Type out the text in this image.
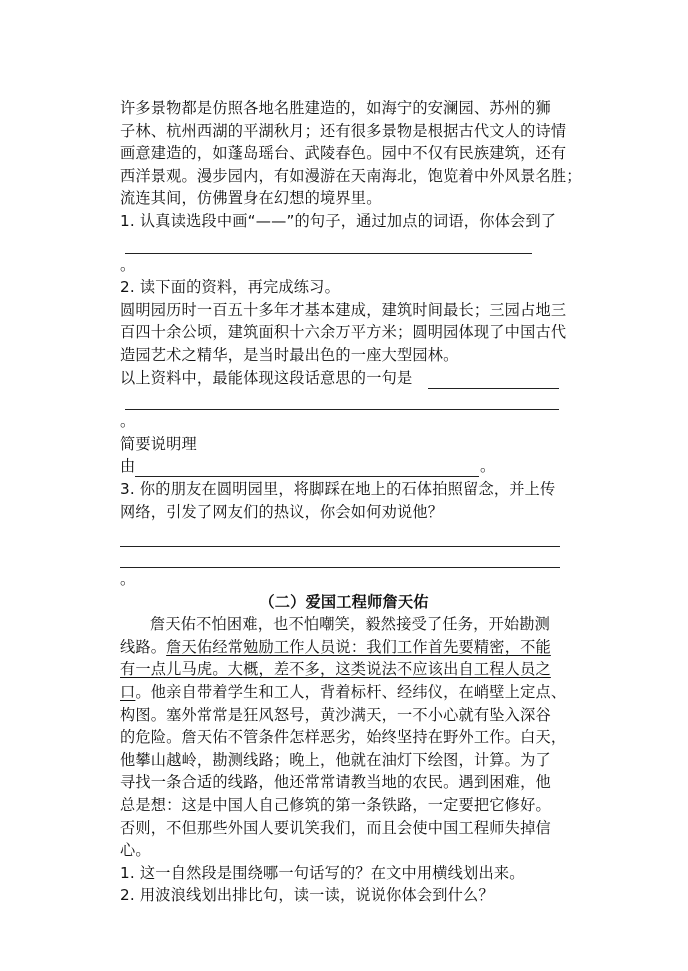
许多景物都是仿照各地名胜建造的，如海宁的安澜园、苏州的狮
子林、杭州西湖的平湖秋月；还有很多景物是根据古代文人的诗情
画意建造的，如蓬岛瑶台、武陵春色。园中不仅有民族建筑，还有
西洋景观。漫步园内，有如漫游在天南海北，饱览着中外风景名胜；
流连其间，仿佛置身在幻想的境界里。
1. 认真读选段中画“——”的句子，通过加点的词语，你体会到了
。
2. 读下面的资料，再完成练习。
圆明园历时一百五十多年才基本建成，建筑时间最长；三园占地三
百四十余公顷，建筑面积十六余万平方米；圆明园体现了中国古代
造园艺术之精华，是当时最出色的一座大型园林。
以上资料中，最能体现这段话意思的一句是
。
简要说明理
由	。
3. 你的朋友在圆明园里，将脚踩在地上的石体拍照留念，并上传
网络，引发了网友们的热议，你会如何劝说他？
。
（二）爱国工程师詹天佑
詹天佑不怕困难，也不怕嘲笑，毅然接受了任务，开始勘测
线路。詹天佑经常勉励工作人员说：我们工作首先要精密，不能
有一点儿马虎。大概，差不多，这类说法不应该出自工程人员之
口。他亲自带着学生和工人，背着标杆、经纬仪，在峭壁上定点、
构图。塞外常常是狂风怒号，黄沙满天，一不小心就有坠入深谷
的危险。詹天佑不管条件怎样恶劣，始终坚持在野外工作。白天，
他攀山越岭，勘测线路；晚上，他就在油灯下绘图，计算。为了
寻找一条合适的线路，他还常常请教当地的农民。遇到困难，他
总是想：这是中国人自己修筑的第一条铁路，一定要把它修好。
否则，不但那些外国人要讥笑我们，而且会使中国工程师失掉信
心。
1. 这一自然段是围绕哪一句话写的？在文中用横线划出来。
2. 用波浪线划出排比句，读一读，说说你体会到什么？
